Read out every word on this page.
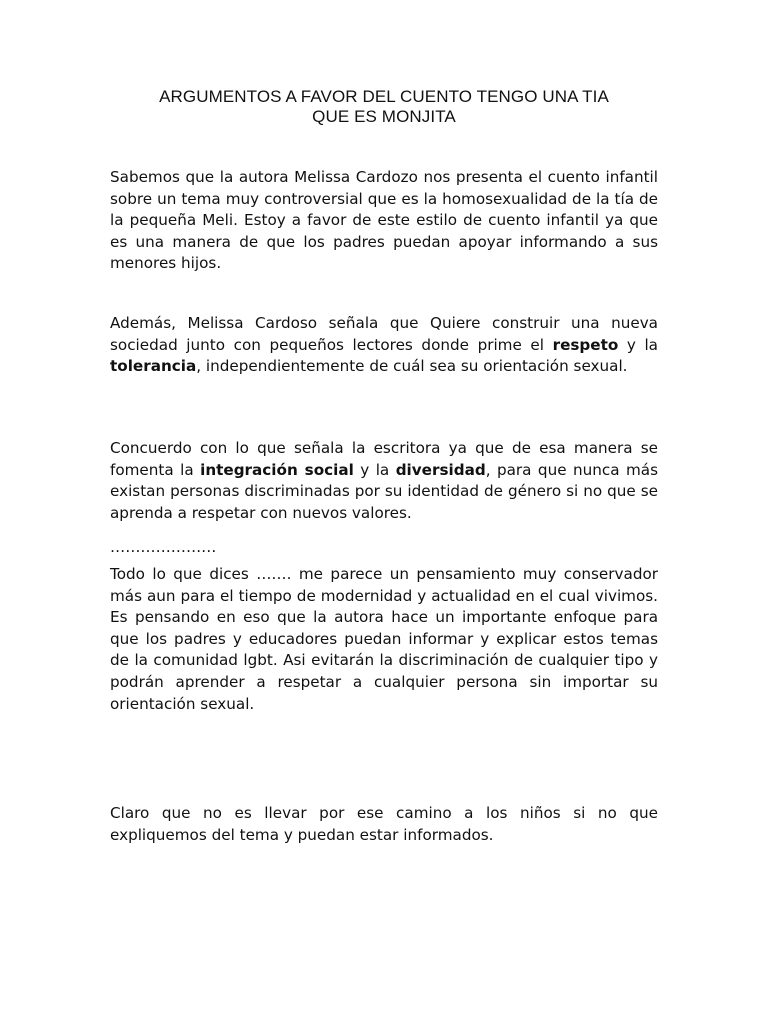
ARGUMENTOS A FAVOR DEL CUENTO TENGO UNA TIA
QUE ES MONJITA

Sabemos que la autora Melissa Cardozo nos presenta el cuento infantil sobre un tema muy controversial que es la homosexualidad de la tía de la pequeña Meli. Estoy a favor de este estilo de cuento infantil ya que es una manera de que los padres puedan apoyar informando a sus menores hijos.

Además, Melissa Cardoso señala que Quiere construir una nueva sociedad junto con pequeños lectores donde prime el respeto y la tolerancia, independientemente de cuál sea su orientación sexual.

Concuerdo con lo que señala la escritora ya que de esa manera se fomenta la integración social y la diversidad, para que nunca más existan personas discriminadas por su identidad de género si no que se aprenda a respetar con nuevos valores.

…………………

Todo lo que dices ……. me parece un pensamiento muy conservador más aun para el tiempo de modernidad y actualidad en el cual vivimos. Es pensando en eso que la autora hace un importante enfoque para que los padres y educadores puedan informar y explicar estos temas de la comunidad lgbt. Asi evitarán la discriminación de cualquier tipo y podrán aprender a respetar a cualquier persona sin importar su orientación sexual.

Claro que no es llevar por ese camino a los niños si no que expliquemos del tema y puedan estar informados.
